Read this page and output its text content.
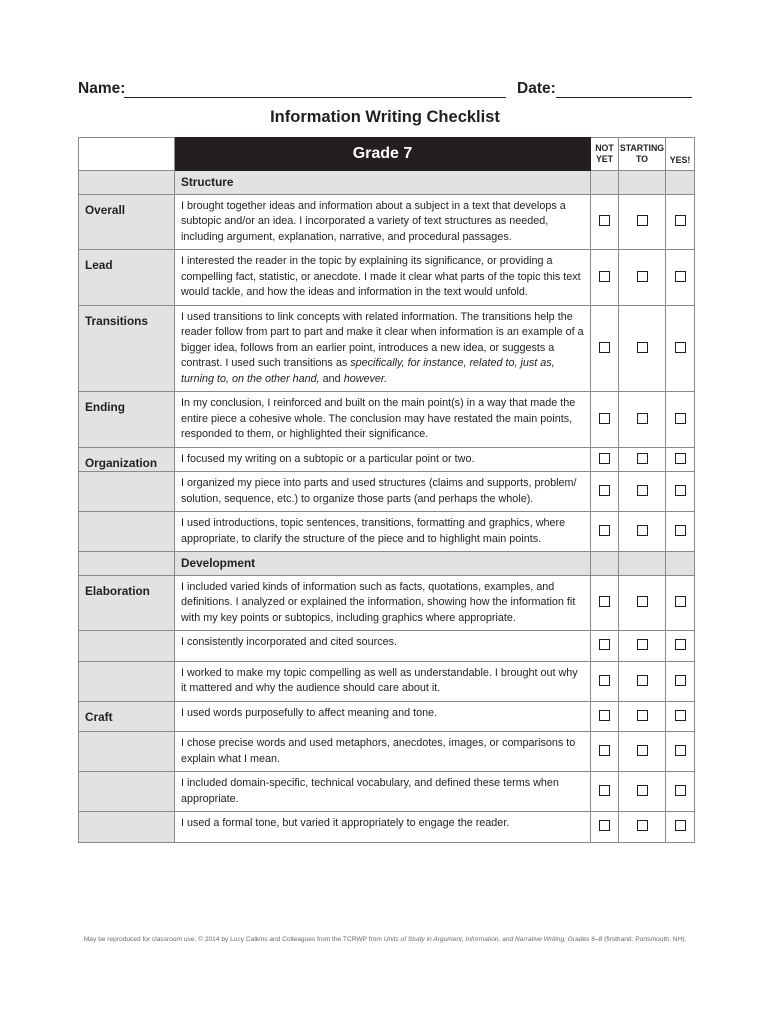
Name:	Date:
Information Writing Checklist
	Grade 7	NOT YET	STARTING TO	YES!
	Structure			
Overall	I brought together ideas and information about a subject in a text that develops a subtopic and/or an idea. I incorporated a variety of text structures as needed, including argument, explanation, narrative, and procedural passages.			
Lead	I interested the reader in the topic by explaining its significance, or providing a compelling fact, statistic, or anecdote. I made it clear what parts of the topic this text would tackle, and how the ideas and information in the text would unfold.			
Transitions	I used transitions to link concepts with related information. The transitions help the reader follow from part to part and make it clear when information is an example of a bigger idea, follows from an earlier point, introduces a new idea, or suggests a contrast. I used such transitions as specifically, for instance, related to, just as, turning to, on the other hand, and however.			
Ending	In my conclusion, I reinforced and built on the main point(s) in a way that made the entire piece a cohesive whole. The conclusion may have restated the main points, responded to them, or highlighted their significance.			
Organization	I focused my writing on a subtopic or a particular point or two.			
	I organized my piece into parts and used structures (claims and supports, problem/ solution, sequence, etc.) to organize those parts (and perhaps the whole).			
	I used introductions, topic sentences, transitions, formatting and graphics, where appropriate, to clarify the structure of the piece and to highlight main points.			
	Development			
Elaboration	I included varied kinds of information such as facts, quotations, examples, and definitions. I analyzed or explained the information, showing how the information fit with my key points or subtopics, including graphics where appropriate.			
	I consistently incorporated and cited sources.			
	I worked to make my topic compelling as well as understandable. I brought out why it mattered and why the audience should care about it.			
Craft	I used words purposefully to affect meaning and tone.			
	I chose precise words and used metaphors, anecdotes, images, or comparisons to explain what I mean.			
	I included domain-specific, technical vocabulary, and defined these terms when appropriate.			
	I used a formal tone, but varied it appropriately to engage the reader.			
May be reproduced for classroom use. © 2014 by Lucy Calkins and Colleagues from the TCRWP from Units of Study in Argument, Information, and Narrative Writing, Grades 6–8 (firsthand: Portsmouth, NH).
